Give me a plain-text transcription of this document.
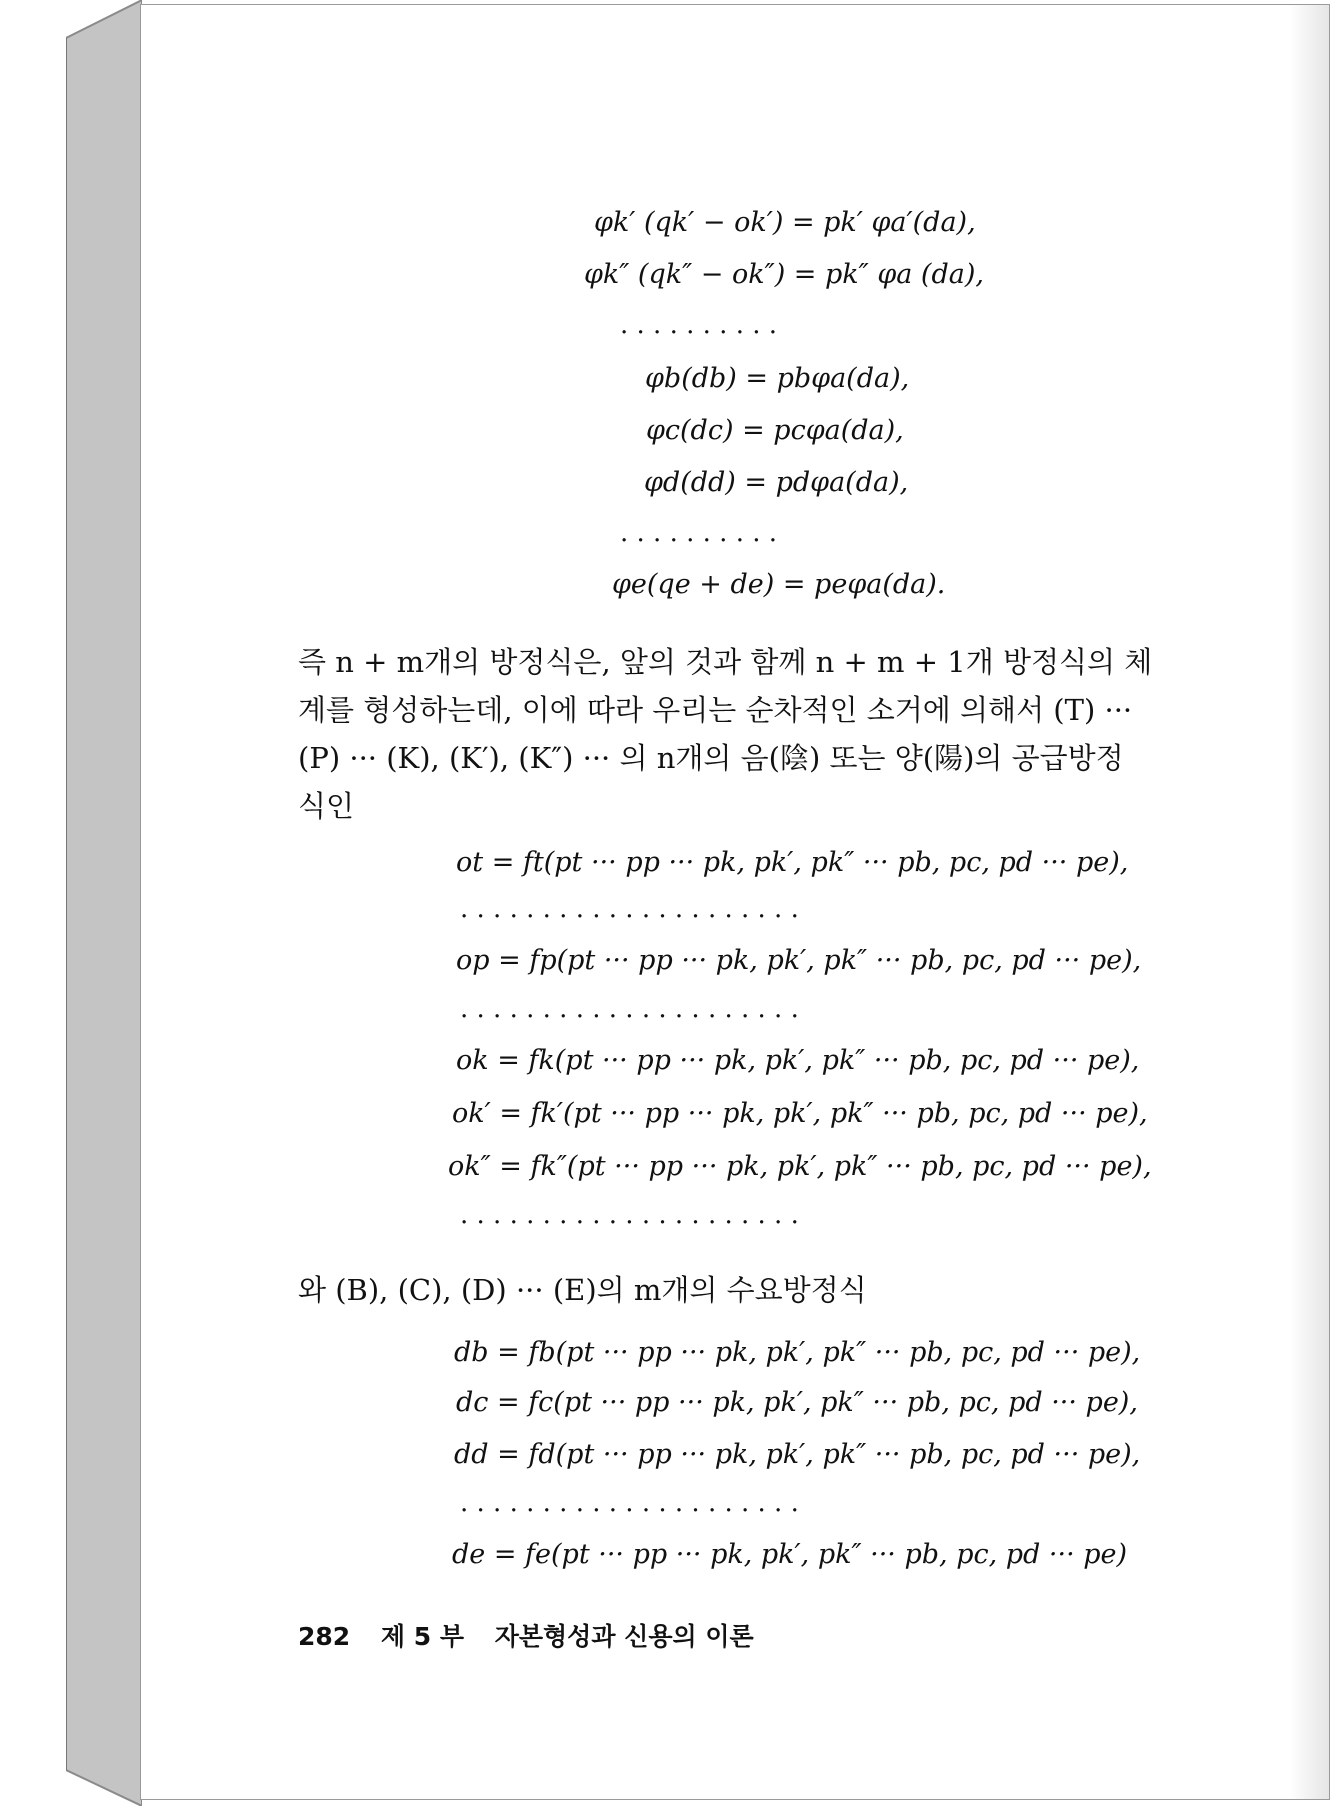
φk′ (qk′ − ok′) = pk′ φa′(da),
φk″ (qk″ − ok″) = pk″ φa (da),
. . . . . . . . . .
φb(db) = pbφa(da),
φc(dc) = pcφa(da),
φd(dd) = pdφa(da),
. . . . . . . . . .
φe(qe + de) = peφa(da).
즉 n + m개의 방정식은, 앞의 것과 함께 n + m + 1개 방정식의 체
계를 형성하는데, 이에 따라 우리는 순차적인 소거에 의해서 (T) ···
(P) ··· (K), (K′), (K″) ··· 의 n개의 음(陰) 또는 양(陽)의 공급방정
식인
ot = ft(pt ··· pp ··· pk, pk′, pk″ ··· pb, pc, pd ··· pe),
. . . . . . . . . . . . . . . . . . . . .
op = fp(pt ··· pp ··· pk, pk′, pk″ ··· pb, pc, pd ··· pe),
. . . . . . . . . . . . . . . . . . . . .
ok = fk(pt ··· pp ··· pk, pk′, pk″ ··· pb, pc, pd ··· pe),
ok′ = fk′(pt ··· pp ··· pk, pk′, pk″ ··· pb, pc, pd ··· pe),
ok″ = fk″(pt ··· pp ··· pk, pk′, pk″ ··· pb, pc, pd ··· pe),
. . . . . . . . . . . . . . . . . . . . .
와 (B), (C), (D) ··· (E)의 m개의 수요방정식
db = fb(pt ··· pp ··· pk, pk′, pk″ ··· pb, pc, pd ··· pe),
dc = fc(pt ··· pp ··· pk, pk′, pk″ ··· pb, pc, pd ··· pe),
dd = fd(pt ··· pp ··· pk, pk′, pk″ ··· pb, pc, pd ··· pe),
. . . . . . . . . . . . . . . . . . . . .
de = fe(pt ··· pp ··· pk, pk′, pk″ ··· pb, pc, pd ··· pe)
282 제 5 부 자본형성과 신용의 이론
